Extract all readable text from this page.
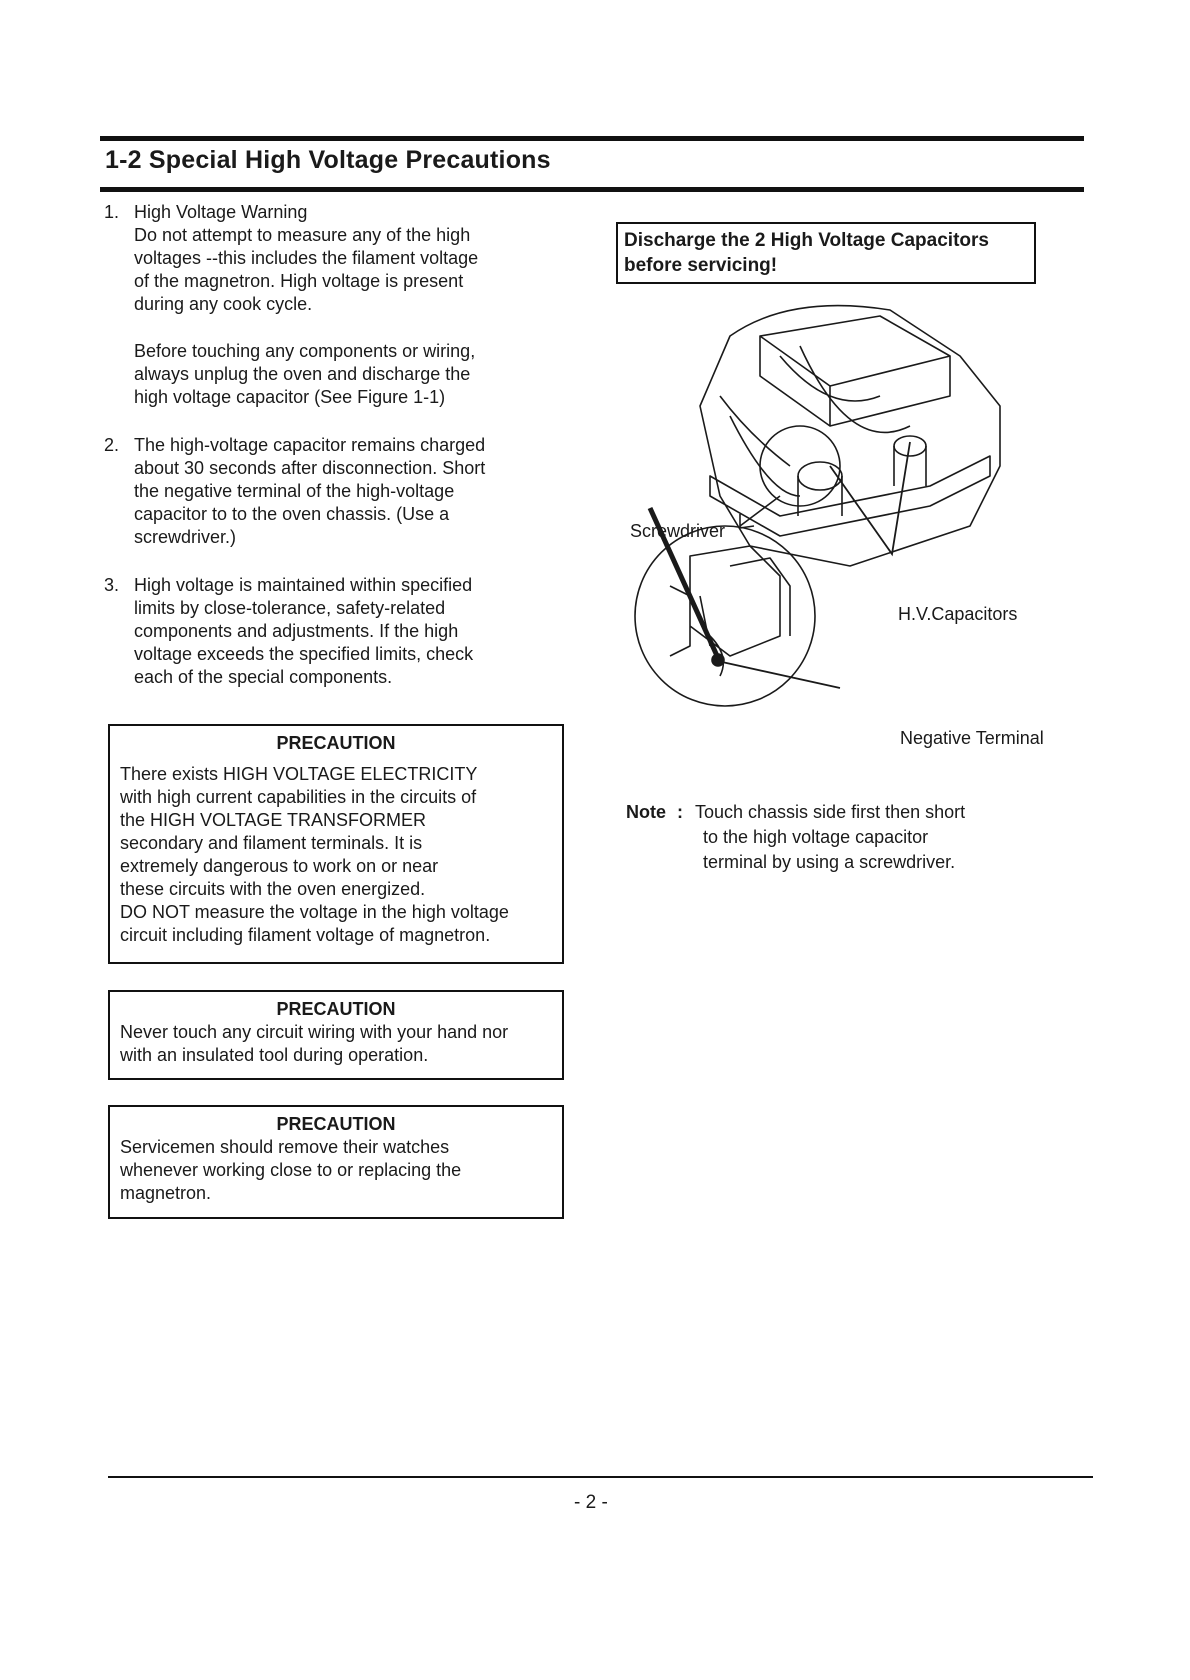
1-2 Special High Voltage Precautions
1. High Voltage Warning
Do not attempt to measure any of the high
voltages --this includes the filament voltage
of the magnetron. High voltage is present
during any cook cycle.
Before touching any components or wiring,
always unplug the oven and discharge the
high voltage capacitor (See Figure 1-1)
2. The high-voltage capacitor remains charged
about 30 seconds after disconnection. Short
the negative terminal of the high-voltage
capacitor to to the oven chassis. (Use a
screwdriver.)
3. High voltage is maintained within specified
limits by close-tolerance, safety-related
components and adjustments. If the high
voltage exceeds the specified limits, check
each of the special components.
PRECAUTION
There exists HIGH VOLTAGE ELECTRICITY
with high current capabilities in the circuits of
the HIGH VOLTAGE TRANSFORMER
secondary and filament terminals. It is
extremely dangerous to work on or near
these circuits with the oven energized.
DO NOT measure the voltage in the high voltage
circuit including filament voltage of magnetron.
PRECAUTION
Never touch any circuit wiring with your hand nor
with an insulated tool during operation.
PRECAUTION
Servicemen should remove their watches
whenever working close to or replacing the
magnetron.
Discharge the 2 High Voltage Capacitors
before servicing!
Screwdriver
H.V.Capacitors
Negative Terminal
Note : Touch chassis side first then short
to the high voltage capacitor
terminal by using a screwdriver.
- 2 -
